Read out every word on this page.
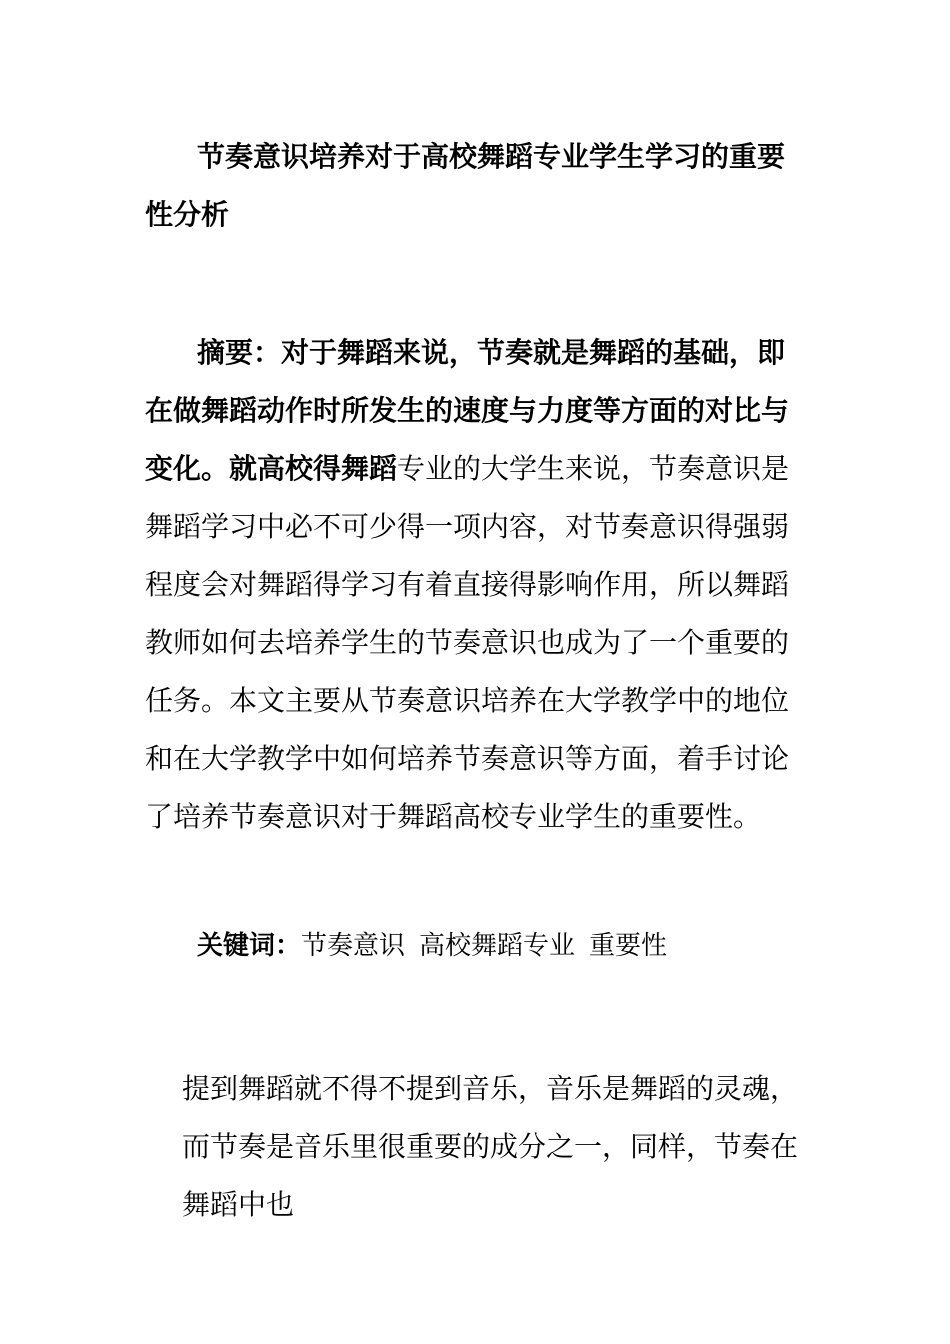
节奏意识培养对于高校舞蹈专业学生学习的重要性分析

摘要：对于舞蹈来说，节奏就是舞蹈的基础，即在做舞蹈动作时所发生的速度与力度等方面的对比与变化。就高校得舞蹈专业的大学生来说，节奏意识是舞蹈学习中必不可少得一项内容，对节奏意识得强弱程度会对舞蹈得学习有着直接得影响作用，所以舞蹈教师如何去培养学生的节奏意识也成为了一个重要的任务。本文主要从节奏意识培养在大学教学中的地位和在大学教学中如何培养节奏意识等方面，着手讨论了培养节奏意识对于舞蹈高校专业学生的重要性。

关键词：节奏意识 高校舞蹈专业 重要性

提到舞蹈就不得不提到音乐，音乐是舞蹈的灵魂，而节奏是音乐里很重要的成分之一，同样，节奏在舞蹈中也
